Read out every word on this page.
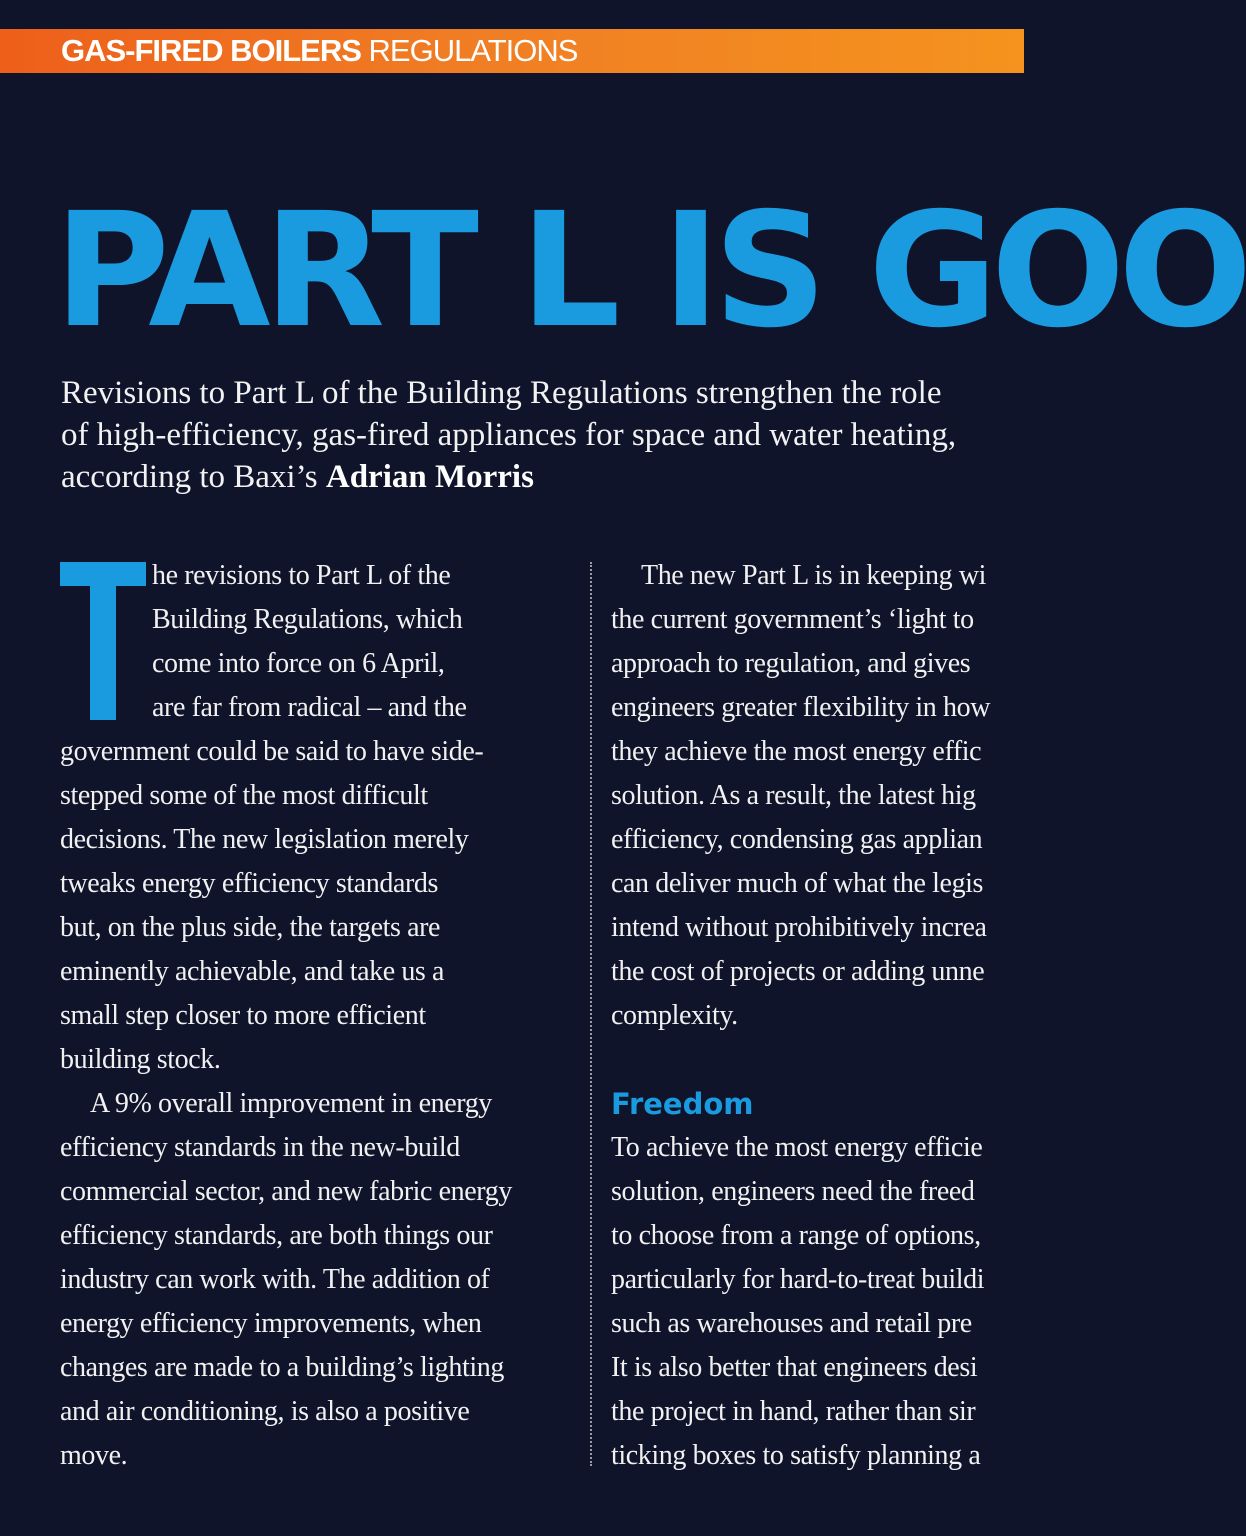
GAS-FIRED BOILERS REGULATIONS
PART L IS GOO
Revisions to Part L of the Building Regulations strengthen the role
of high-efficiency, gas-fired appliances for space and water heating,
according to Baxi’s Adrian Morris

he revisions to Part L of the
Building Regulations, which
come into force on 6 April,
are far from radical – and the
government could be said to have side-
stepped some of the most difficult
decisions. The new legislation merely
tweaks energy efficiency standards
but, on the plus side, the targets are
eminently achievable, and take us a
small step closer to more efficient
building stock.

A 9% overall improvement in energy
efficiency standards in the new-build
commercial sector, and new fabric energy
efficiency standards, are both things our
industry can work with. The addition of
energy efficiency improvements, when
changes are made to a building’s lighting
and air conditioning, is also a positive
move.

The new Part L is in keeping wi
the current government’s ‘light to
approach to regulation, and gives
engineers greater flexibility in how
they achieve the most energy effic
solution. As a result, the latest hig
efficiency, condensing gas applian
can deliver much of what the legis
intend without prohibitively increa
the cost of projects or adding unne
complexity.

Freedom

To achieve the most energy efficie
solution, engineers need the freed
to choose from a range of options,
particularly for hard-to-treat buildi
such as warehouses and retail pre
It is also better that engineers desi
the project in hand, rather than sir
ticking boxes to satisfy planning a
